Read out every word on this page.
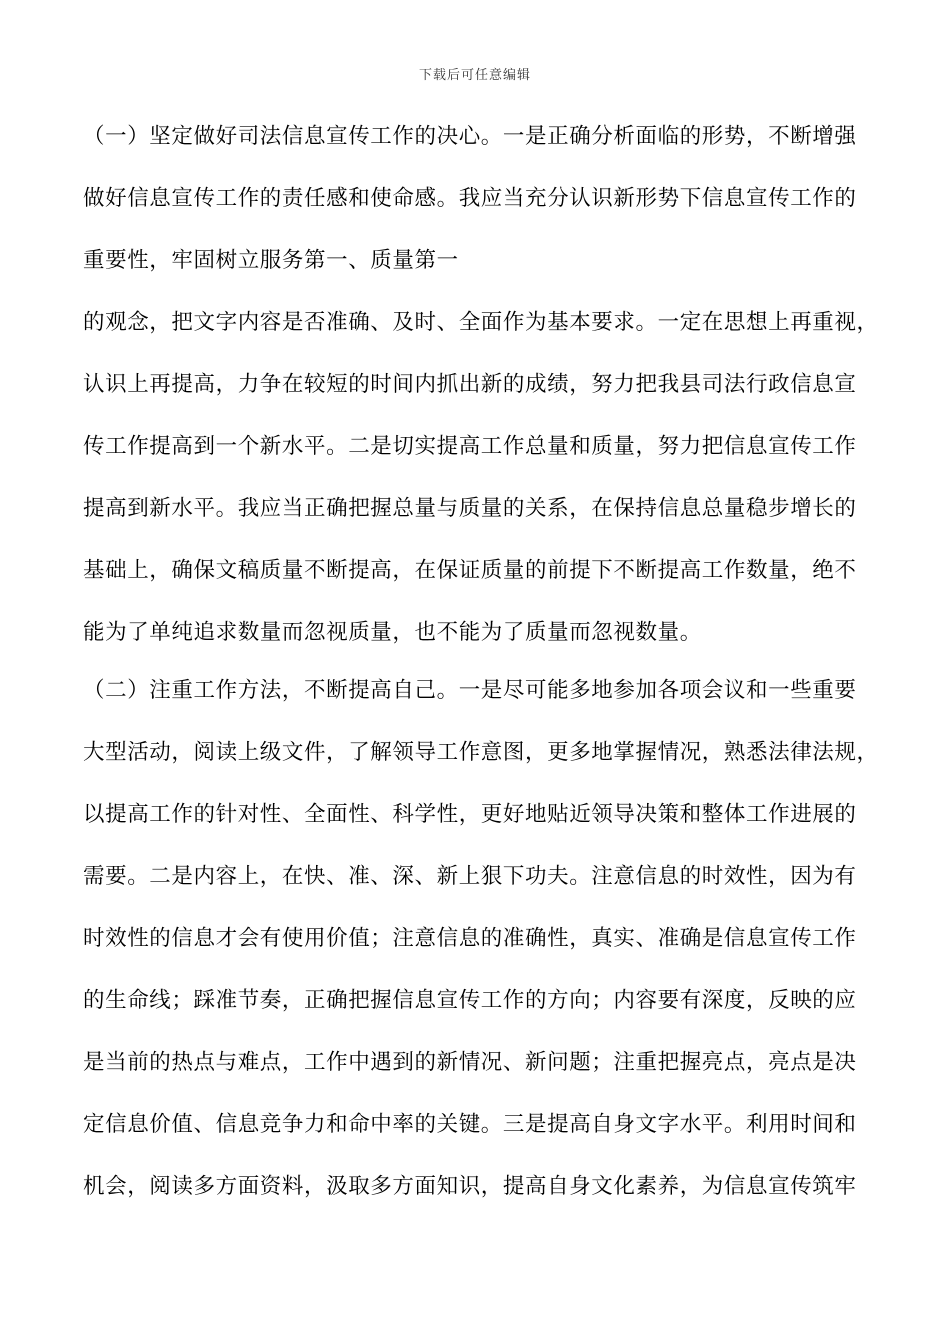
下载后可任意编辑
（一）坚定做好司法信息宣传工作的决心。一是正确分析面临的形势，不断增强
做好信息宣传工作的责任感和使命感。我应当充分认识新形势下信息宣传工作的
重要性，牢固树立服务第一、质量第一
的观念，把文字内容是否准确、及时、全面作为基本要求。一定在思想上再重视，
认识上再提高，力争在较短的时间内抓出新的成绩，努力把我县司法行政信息宣
传工作提高到一个新水平。二是切实提高工作总量和质量，努力把信息宣传工作
提高到新水平。我应当正确把握总量与质量的关系，在保持信息总量稳步增长的
基础上，确保文稿质量不断提高，在保证质量的前提下不断提高工作数量，绝不
能为了单纯追求数量而忽视质量，也不能为了质量而忽视数量。
（二）注重工作方法，不断提高自己。一是尽可能多地参加各项会议和一些重要
大型活动，阅读上级文件，了解领导工作意图，更多地掌握情况，熟悉法律法规，
以提高工作的针对性、全面性、科学性，更好地贴近领导决策和整体工作进展的
需要。二是内容上，在快、准、深、新上狠下功夫。注意信息的时效性，因为有
时效性的信息才会有使用价值；注意信息的准确性，真实、准确是信息宣传工作
的生命线；踩准节奏，正确把握信息宣传工作的方向；内容要有深度，反映的应
是当前的热点与难点，工作中遇到的新情况、新问题；注重把握亮点，亮点是决
定信息价值、信息竞争力和命中率的关键。三是提高自身文字水平。利用时间和
机会，阅读多方面资料，汲取多方面知识，提高自身文化素养，为信息宣传筑牢
